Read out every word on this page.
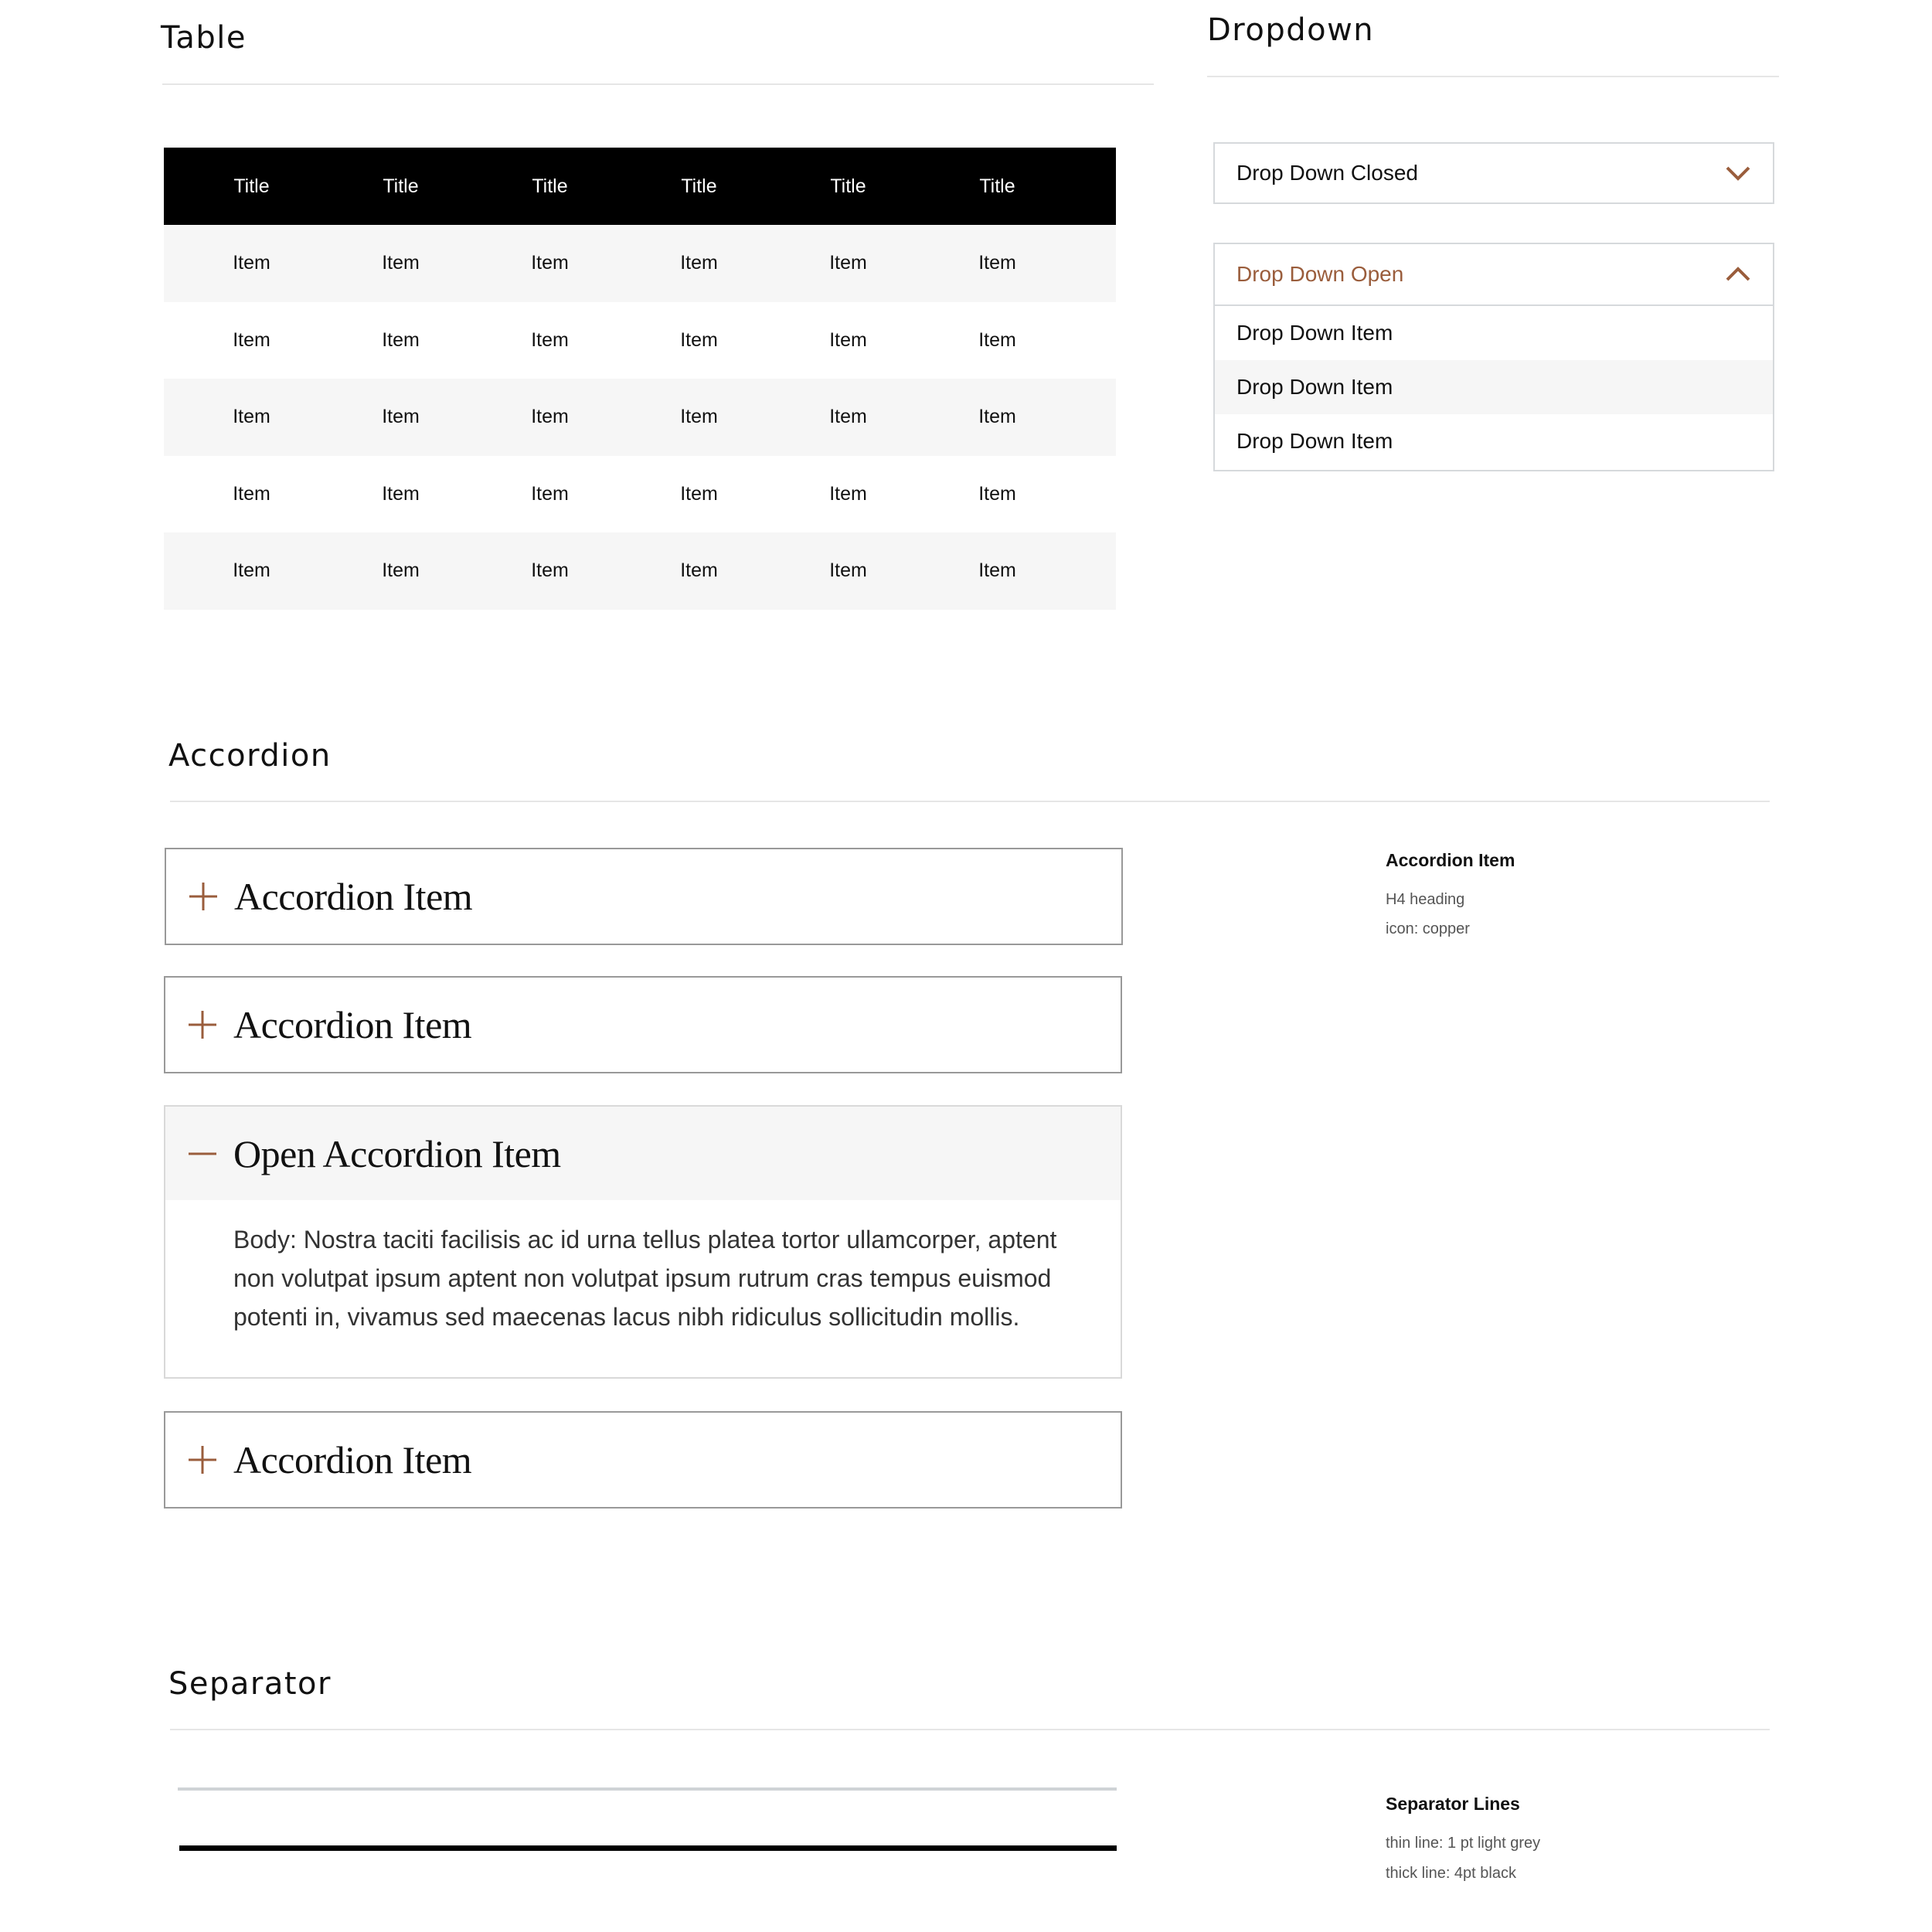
Table
Title	Title	Title	Title	Title	Title
Item	Item	Item	Item	Item	Item
Item	Item	Item	Item	Item	Item
Item	Item	Item	Item	Item	Item
Item	Item	Item	Item	Item	Item
Item	Item	Item	Item	Item	Item
Dropdown
Drop Down Closed
Drop Down Open
Drop Down Item
Drop Down Item
Drop Down Item
Accordion
Accordion Item
Accordion Item
Open Accordion Item
Body: Nostra taciti facilisis ac id urna tellus platea tortor ullamcorper, aptent non volutpat ipsum aptent non volutpat ipsum rutrum cras tempus euismod potenti in, vivamus sed maecenas lacus nibh ridiculus sollicitudin mollis.
Accordion Item
Accordion Item
H4 heading
icon: copper
Separator
Separator Lines
thin line: 1 pt light grey
thick line: 4pt black
